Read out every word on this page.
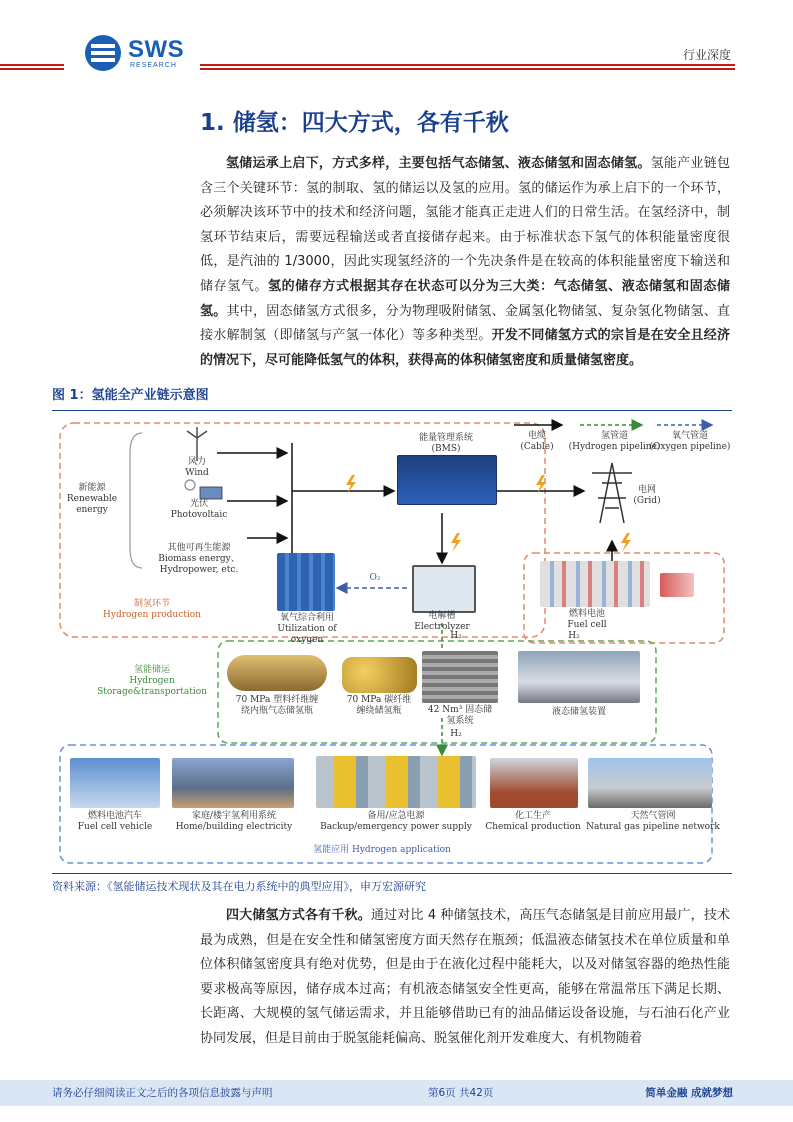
SWS
RESEARCH
行业深度
1. 储氢：四大方式，各有千秋
氢储运承上启下，方式多样，主要包括气态储氢、液态储氢和固态储氢。氢能产业链包含三个关键环节：氢的制取、氢的储运以及氢的应用。氢的储运作为承上启下的一个环节，必须解决该环节中的技术和经济问题，氢能才能真正走进人们的日常生活。在氢经济中，制氢环节结束后，需要远程输送或者直接储存起来。由于标准状态下氢气的体积能量密度很低，是汽油的 1/3000，因此实现氢经济的一个先决条件是在较高的体积能量密度下输送和储存氢气。氢的储存方式根据其存在状态可以分为三大类：气态储氢、液态储氢和固态储氢。其中，固态储氢方式很多，分为物理吸附储氢、金属氢化物储氢、复杂氢化物储氢、直接水解制氢（即储氢与产氢一体化）等多种类型。开发不同储氢方式的宗旨是在安全且经济的情况下，尽可能降低氢气的体积，获得高的体积储氢密度和质量储氢密度。
图 1：氢能全产业链示意图
新能源
Renewable
energy
风力
Wind
光伏
Photovoltaic
其他可再生能源
Biomass energy、
Hydropower, etc.
能量管理系统
(BMS)
电缆
(Cable)
氢管道
(Hydrogen pipeline)
氧气管道
(Oxygen pipeline)
电网
(Grid)
O₂
氧气综合利用
Utilization of
oxygen
电解槽
Electrolyzer
H₂
燃料电池
Fuel cell
H₂
制氢环节
Hydrogen production
氢能储运
Hydrogen
Storage&transportation
70 MPa 塑料纤维缠
绕内瓶气态储氢瓶
70 MPa 碳纤维
缠绕储氢瓶	42 Nm³ 固态储
氢系统
液态储氢装置
H₂
燃料电池汽车
Fuel cell vehicle
家庭/楼宇氢利用系统
Home/building electricity
备用/应急电源
Backup/emergency power supply
化工生产
Chemical production
天然气管网
Natural gas pipeline network
氢能应用 Hydrogen application
资料来源：《氢能储运技术现状及其在电力系统中的典型应用》，申万宏源研究
四大储氢方式各有千秋。通过对比 4 种储氢技术，高压气态储氢是目前应用最广，技术最为成熟，但是在安全性和储氢密度方面天然存在瓶颈；低温液态储氢技术在单位质量和单位体积储氢密度具有绝对优势，但是由于在液化过程中能耗大，以及对储氢容器的绝热性能要求极高等原因，储存成本过高；有机液态储氢安全性更高，能够在常温常压下满足长期、长距离、大规模的氢气储运需求，并且能够借助已有的油品储运设备设施，与石油石化产业协同发展，但是目前由于脱氢能耗偏高、脱氢催化剂开发难度大、有机物随着
请务必仔细阅读正文之后的各项信息披露与声明	第6页 共42页	简单金融 成就梦想
